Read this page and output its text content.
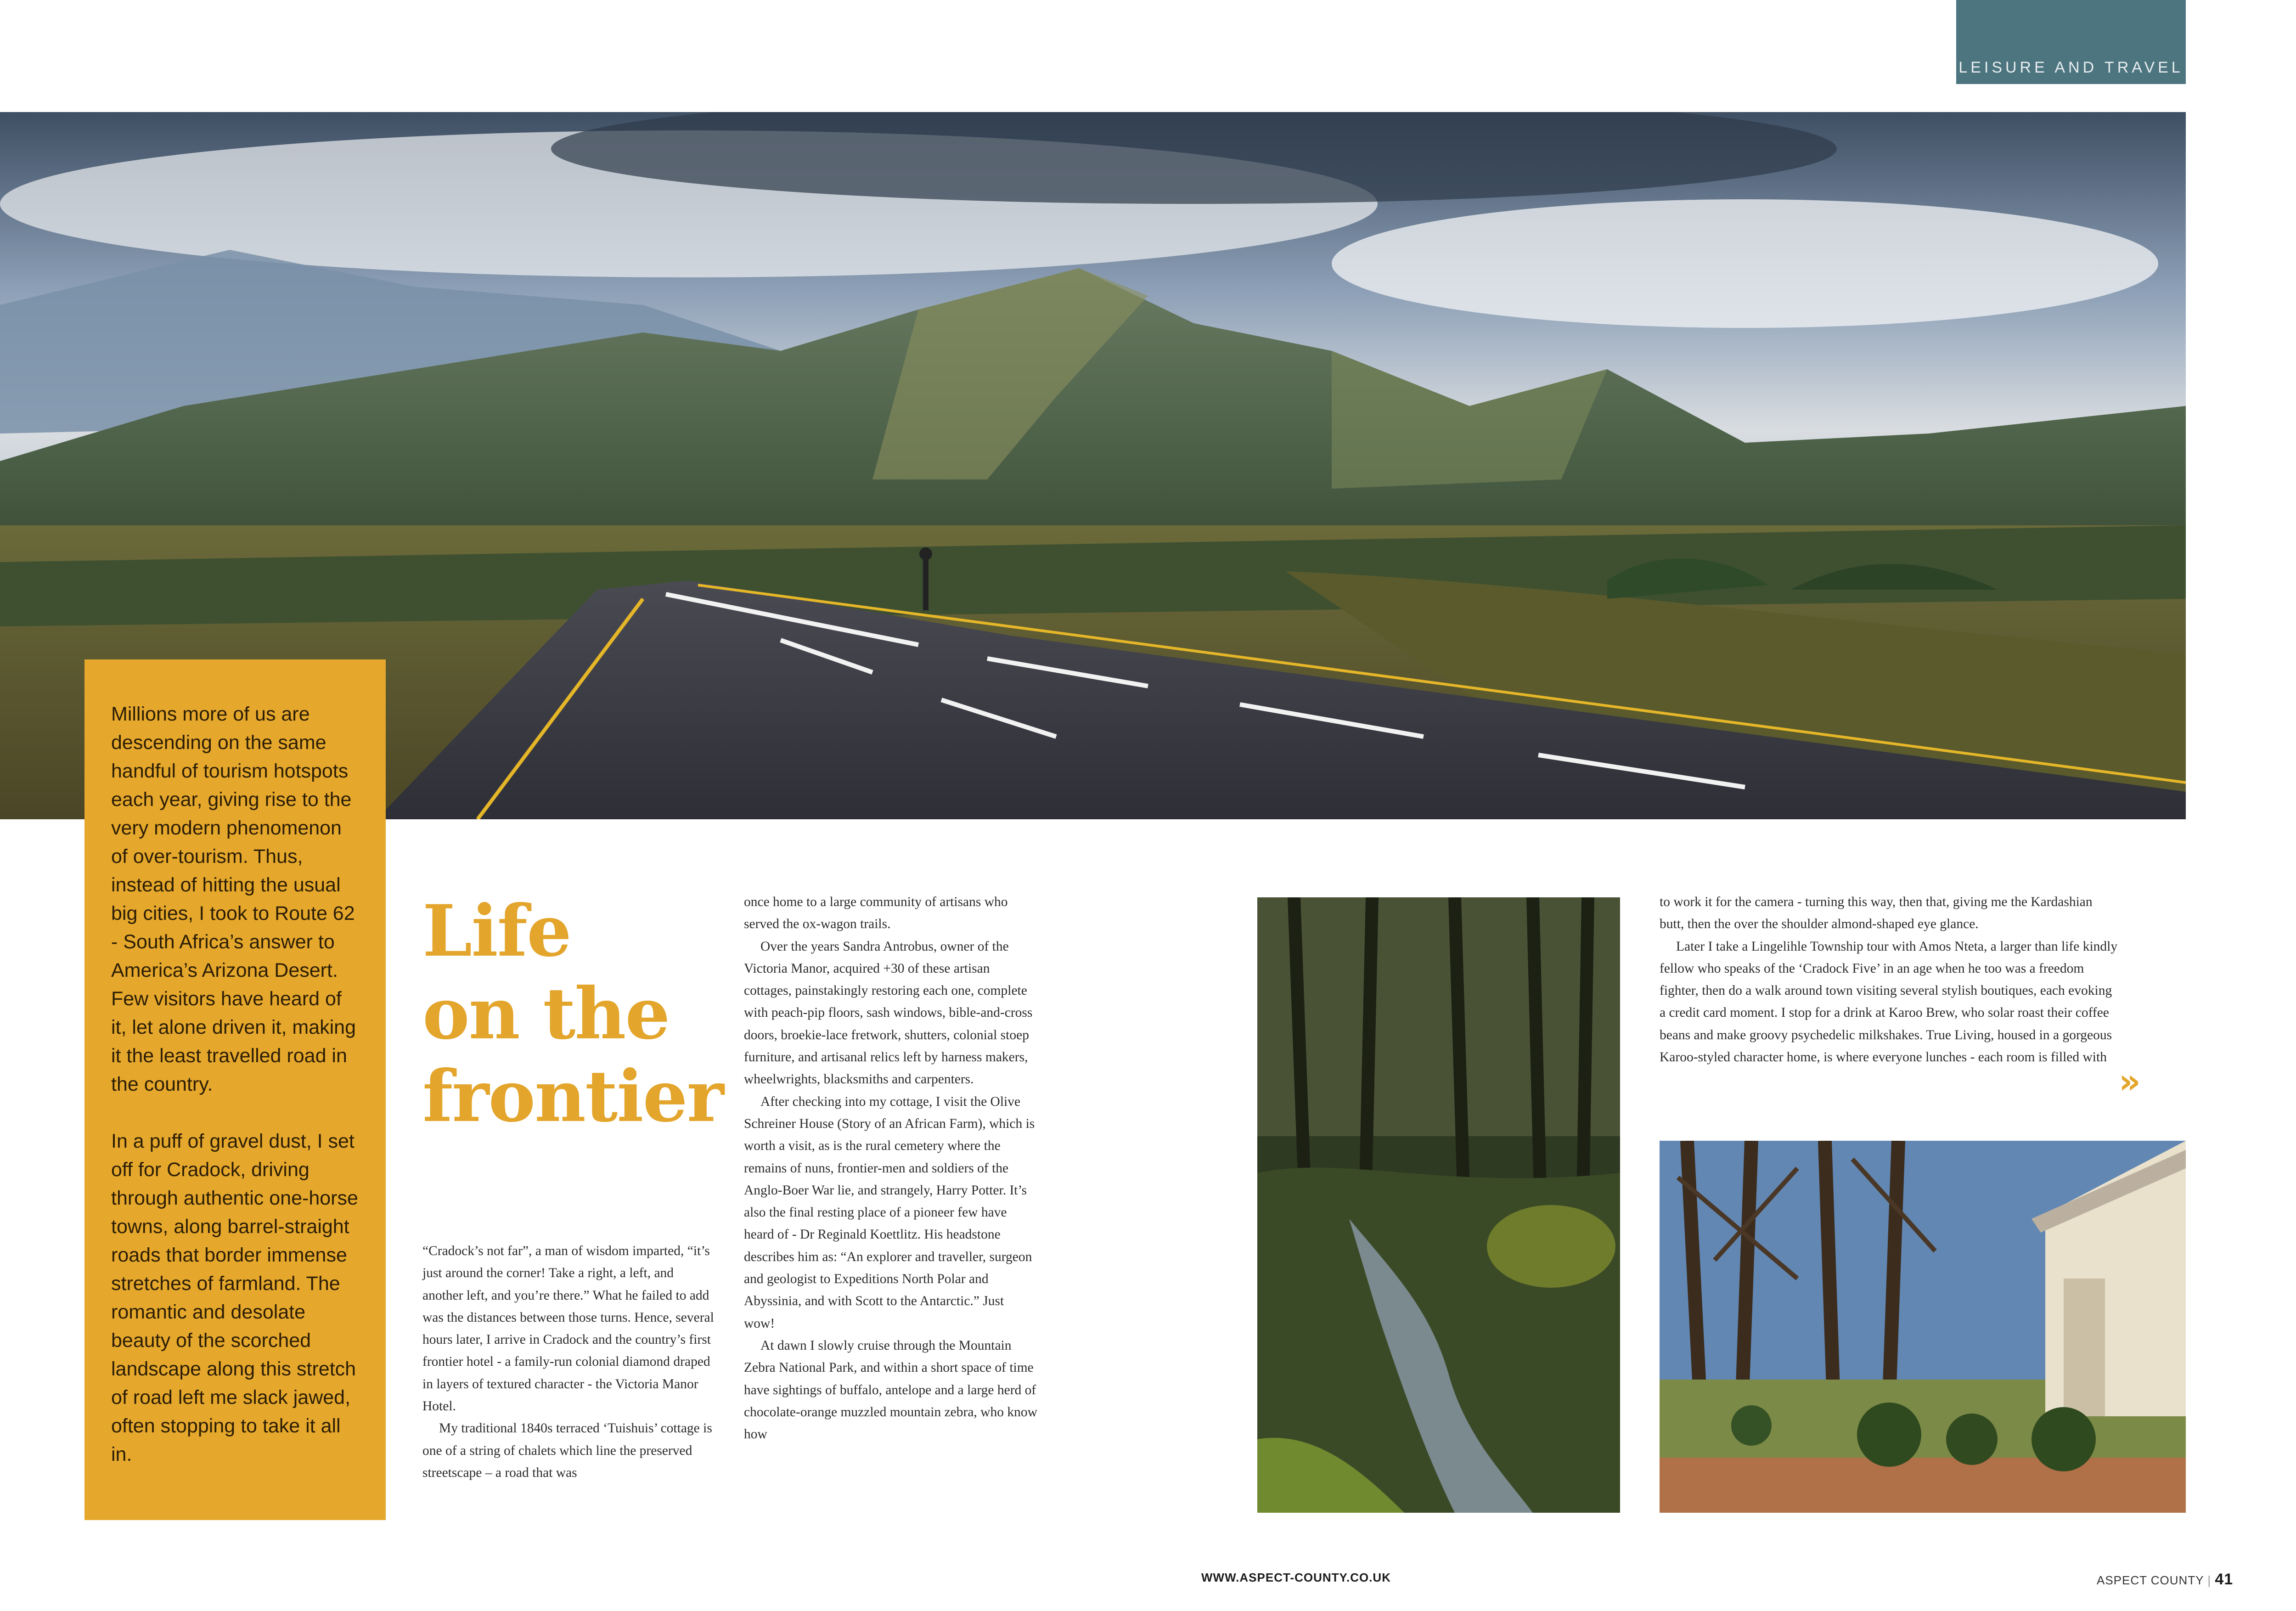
LEISURE AND TRAVEL

Millions more of us are descending on the same handful of tourism hotspots each year, giving rise to the very modern phenomenon of over-tourism. Thus, instead of hitting the usual big cities, I took to Route 62 - South Africa’s answer to America’s Arizona Desert. Few visitors have heard of it, let alone driven it, making it the least travelled road in the country.

In a puff of gravel dust, I set off for Cradock, driving through authentic one-horse towns, along barrel-straight roads that border immense stretches of farmland. The romantic and desolate beauty of the scorched landscape along this stretch of road left me slack jawed, often stopping to take it all in.

Life
on the
frontier

“Cradock’s not far”, a man of wisdom imparted, “it’s just around the corner! Take a right, a left, and another left, and you’re there.” What he failed to add was the distances between those turns. Hence, several hours later, I arrive in Cradock and the country’s first frontier hotel - a family-run colonial diamond draped in layers of textured character - the Victoria Manor Hotel.

My traditional 1840s terraced ‘Tuishuis’ cottage is one of a string of chalets which line the preserved streetscape – a road that was

once home to a large community of artisans who served the ox-wagon trails.

Over the years Sandra Antrobus, owner of the Victoria Manor, acquired +30 of these artisan cottages, painstakingly restoring each one, complete with peach-pip floors, sash windows, bible-and-cross doors, broekie-lace fretwork, shutters, colonial stoep furniture, and artisanal relics left by harness makers, wheelwrights, blacksmiths and carpenters.

After checking into my cottage, I visit the Olive Schreiner House (Story of an African Farm), which is worth a visit, as is the rural cemetery where the remains of nuns, frontier-men and soldiers of the Anglo-Boer War lie, and strangely, Harry Potter. It’s also the final resting place of a pioneer few have heard of - Dr Reginald Koettlitz. His headstone describes him as: “An explorer and traveller, surgeon and geologist to Expeditions North Polar and Abyssinia, and with Scott to the Antarctic.” Just wow!

At dawn I slowly cruise through the Mountain Zebra National Park, and within a short space of time have sightings of buffalo, antelope and a large herd of chocolate-orange muzzled mountain zebra, who know how

to work it for the camera - turning this way, then that, giving me the Kardashian butt, then the over the shoulder almond-shaped eye glance.

Later I take a Lingelihle Township tour with Amos Nteta, a larger than life kindly fellow who speaks of the ‘Cradock Five’ in an age when he too was a freedom fighter, then do a walk around town visiting several stylish boutiques, each evoking a credit card moment. I stop for a drink at Karoo Brew, who solar roast their coffee beans and make groovy psychedelic milkshakes. True Living, housed in a gorgeous Karoo-styled character home, is where everyone lunches - each room is filled with

»
WWW.ASPECT-COUNTY.CO.UK	ASPECT COUNTY | 41
